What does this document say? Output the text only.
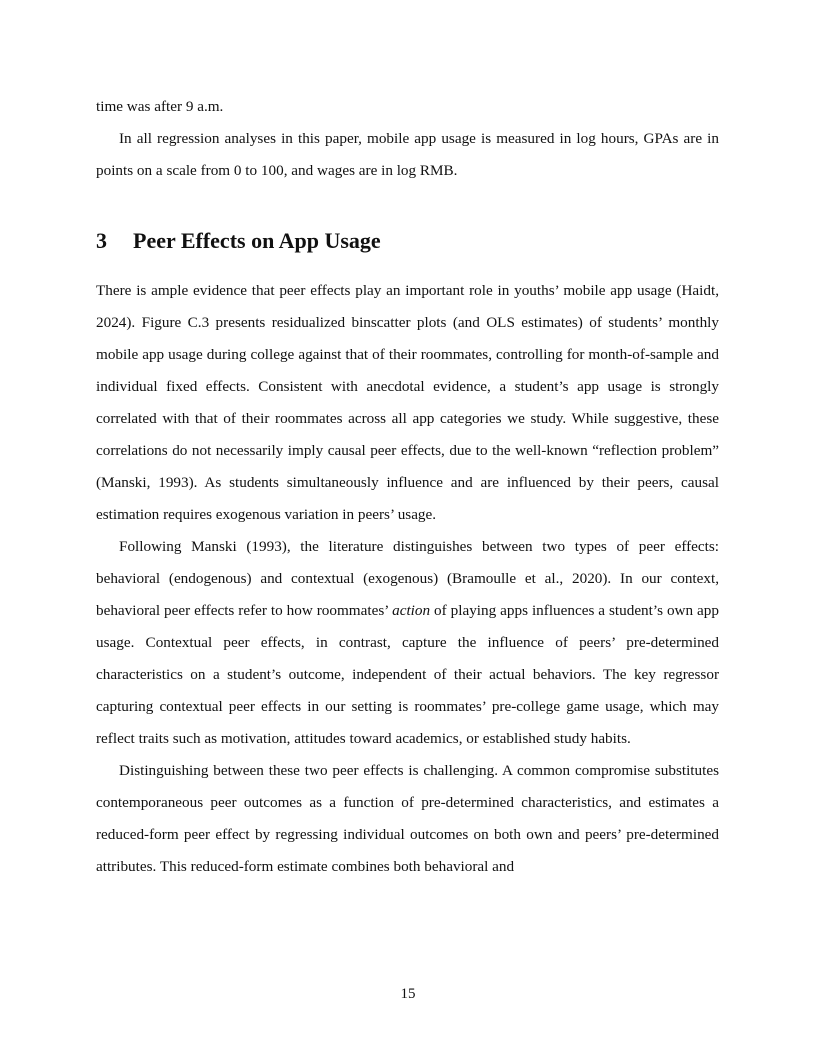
time was after 9 a.m.

In all regression analyses in this paper, mobile app usage is measured in log hours, GPAs are in points on a scale from 0 to 100, and wages are in log RMB.

3 Peer Effects on App Usage

There is ample evidence that peer effects play an important role in youths’ mobile app usage (Haidt, 2024). Figure C.3 presents residualized binscatter plots (and OLS estimates) of students’ monthly mobile app usage during college against that of their roommates, controlling for month-of-sample and individual fixed effects. Consistent with anecdotal evidence, a student’s app usage is strongly correlated with that of their roommates across all app categories we study. While suggestive, these correlations do not necessarily imply causal peer effects, due to the well-known “reflection problem” (Manski, 1993). As students simultaneously influence and are influenced by their peers, causal estimation requires exogenous variation in peers’ usage.

Following Manski (1993), the literature distinguishes between two types of peer effects: behavioral (endogenous) and contextual (exogenous) (Bramoulle et al., 2020). In our context, behavioral peer effects refer to how roommates’ action of playing apps influences a student’s own app usage. Contextual peer effects, in contrast, capture the influence of peers’ pre-determined characteristics on a student’s outcome, independent of their actual behaviors. The key regressor capturing contextual peer effects in our setting is roommates’ pre-college game usage, which may reflect traits such as motivation, attitudes toward academics, or established study habits.

Distinguishing between these two peer effects is challenging. A common compromise substitutes contemporaneous peer outcomes as a function of pre-determined characteristics, and estimates a reduced-form peer effect by regressing individual outcomes on both own and peers’ pre-determined attributes. This reduced-form estimate combines both behavioral and

15
